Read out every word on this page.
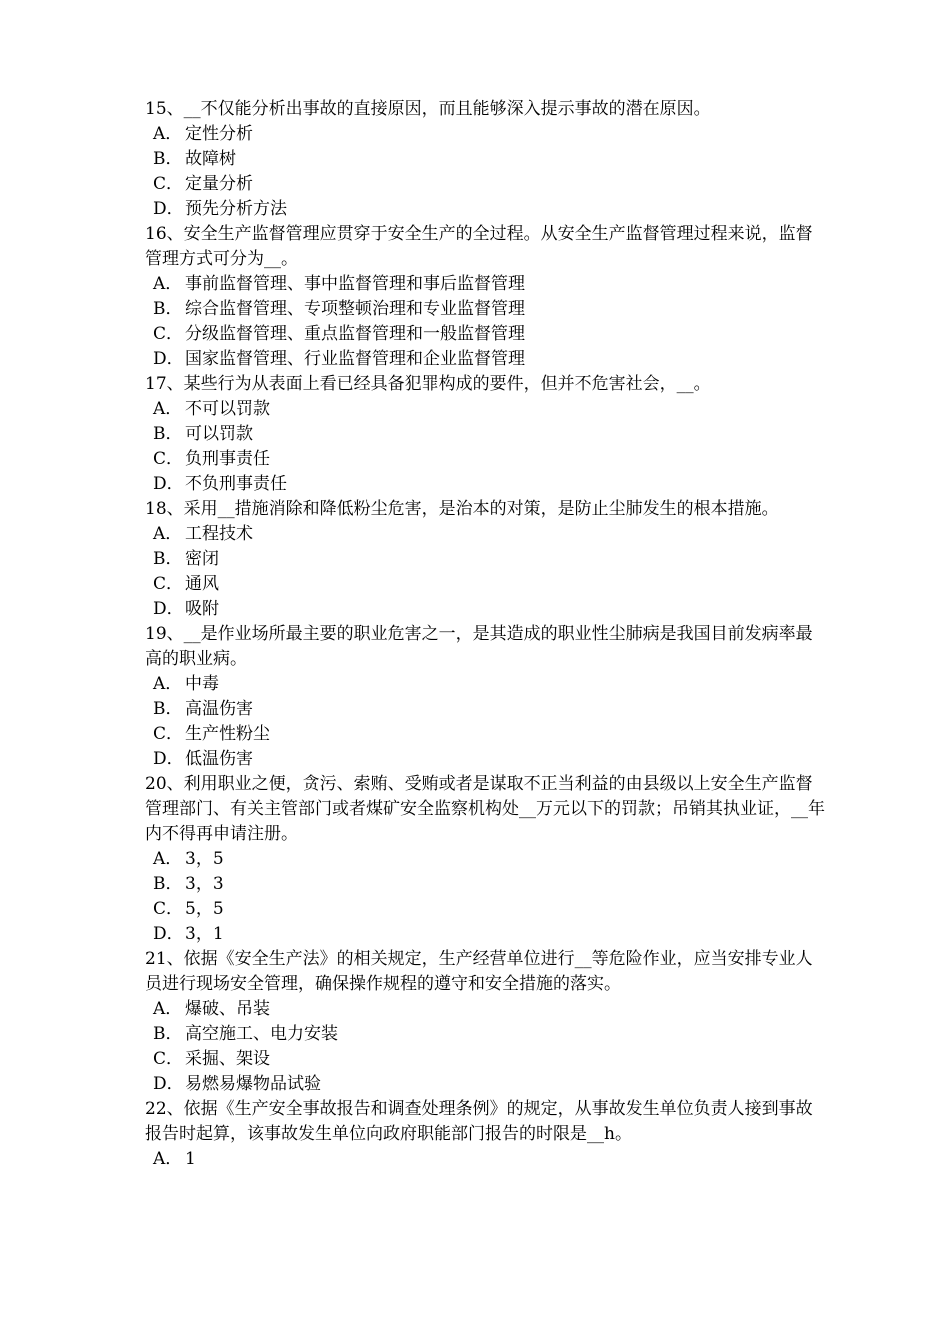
15、__不仅能分析出事故的直接原因，而且能够深入提示事故的潜在原因。

A． 定性分析
B． 故障树
C． 定量分析
D．预先分析方法

16、安全生产监督管理应贯穿于安全生产的全过程。从安全生产监督管理过程来说，监督管理方式可分为__。

A． 事前监督管理、事中监督管理和事后监督管理
B． 综合监督管理、专项整顿治理和专业监督管理
C． 分级监督管理、重点监督管理和一般监督管理
D．国家监督管理、行业监督管理和企业监督管理

17、某些行为从表面上看已经具备犯罪构成的要件，但并不危害社会，__。

A． 不可以罚款
B． 可以罚款
C． 负刑事责任
D．不负刑事责任

18、采用__措施消除和降低粉尘危害，是治本的对策，是防止尘肺发生的根本措施。

A． 工程技术
B． 密闭
C． 通风
D．吸附

19、__是作业场所最主要的职业危害之一，是其造成的职业性尘肺病是我国目前发病率最高的职业病。

A． 中毒
B． 高温伤害
C． 生产性粉尘
D．低温伤害

20、利用职业之便，贪污、索贿、受贿或者是谋取不正当利益的由县级以上安全生产监督管理部门、有关主管部门或者煤矿安全监察机构处__万元以下的罚款；吊销其执业证，__年内不得再申请注册。

A． 3，5
B． 3，3
C． 5，5
D．3，1

21、依据《安全生产法》的相关规定，生产经营单位进行__等危险作业，应当安排专业人员进行现场安全管理，确保操作规程的遵守和安全措施的落实。

A． 爆破、吊装
B． 高空施工、电力安装
C． 采掘、架设
D．易燃易爆物品试验

22、依据《生产安全事故报告和调查处理条例》的规定，从事故发生单位负责人接到事故报告时起算，该事故发生单位向政府职能部门报告的时限是__h。

A． 1
